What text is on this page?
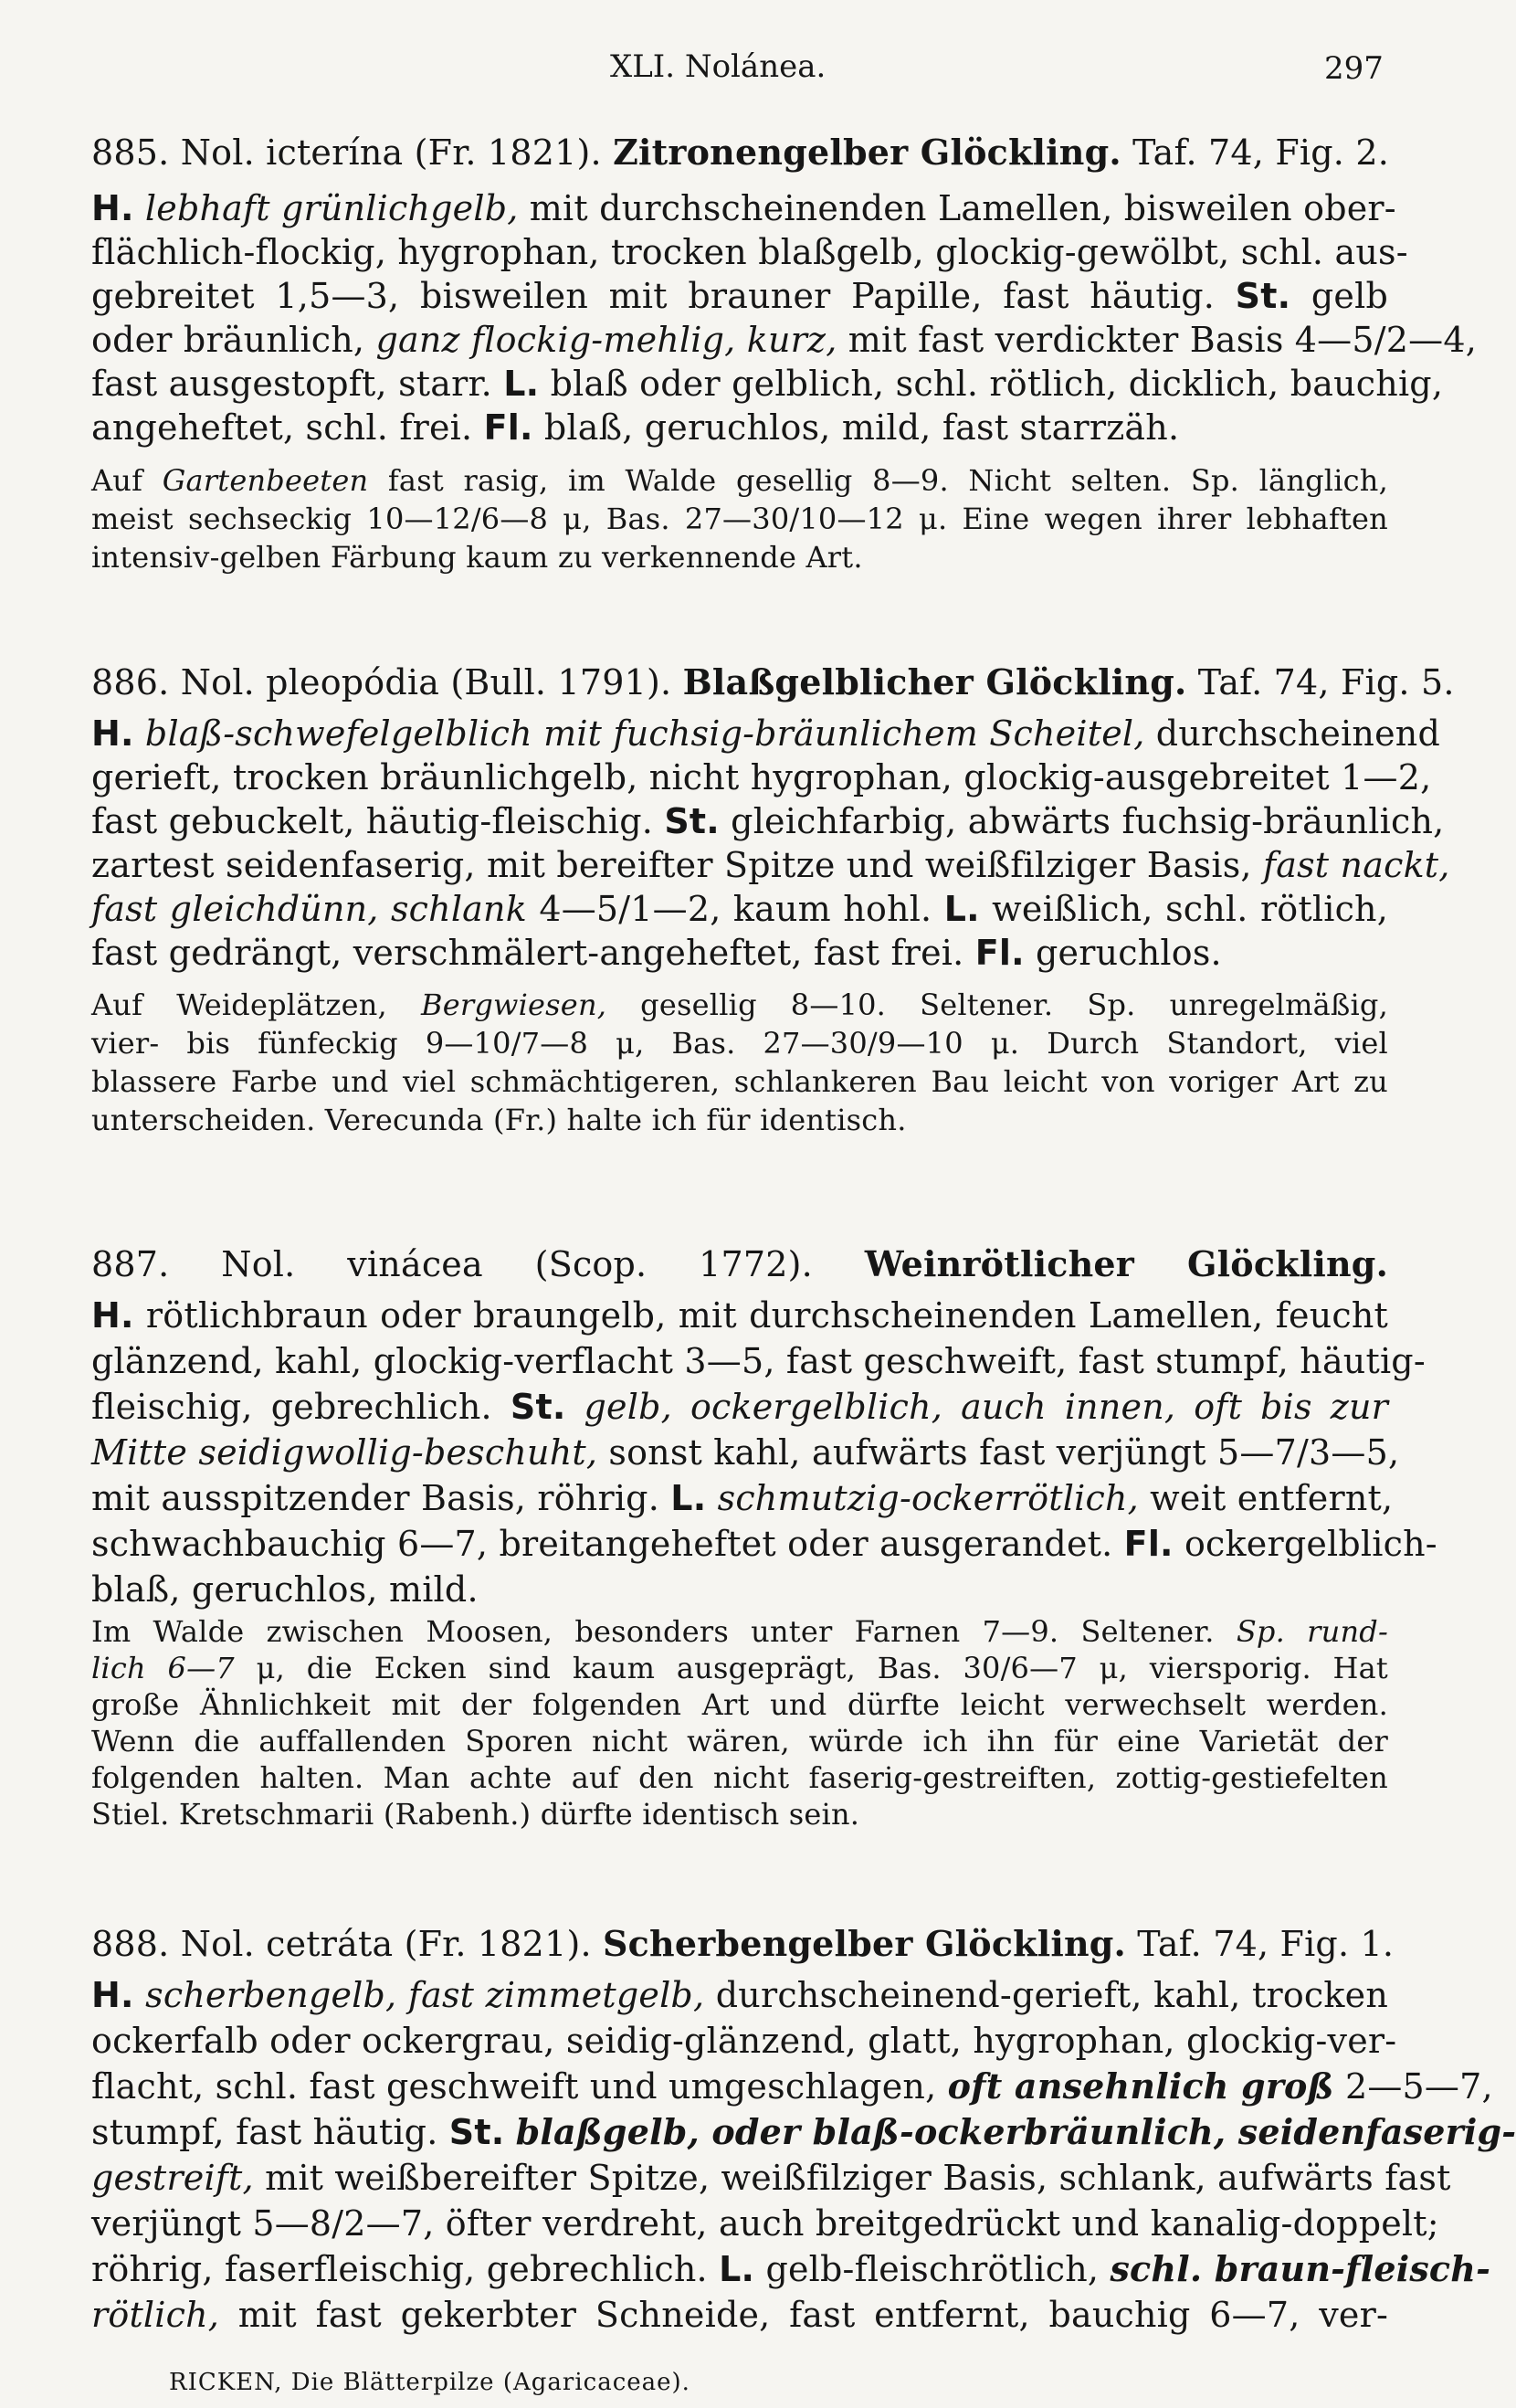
XLI. Nolánea.	297

885. Nol. icterína (Fr. 1821). Zitronengelber Glöckling. Taf. 74, Fig. 2.

H. lebhaft grünlichgelb, mit durchscheinenden Lamellen, bisweilen ober-

flächlich-flockig, hygrophan, trocken blaßgelb, glockig-gewölbt, schl. aus-

gebreitet 1,5—3, bisweilen mit brauner Papille, fast häutig. St. gelb

oder bräunlich, ganz flockig-mehlig, kurz, mit fast verdickter Basis 4—5/2—4,

fast ausgestopft, starr. L. blaß oder gelblich, schl. rötlich, dicklich, bauchig,

angeheftet, schl. frei. Fl. blaß, geruchlos, mild, fast starrzäh.

Auf Gartenbeeten fast rasig, im Walde gesellig 8—9. Nicht selten. Sp. länglich,

meist sechseckig 10—12/6—8 μ, Bas. 27—30/10—12 μ. Eine wegen ihrer lebhaften

intensiv-gelben Färbung kaum zu verkennende Art.

886. Nol. pleopódia (Bull. 1791). Blaßgelblicher Glöckling. Taf. 74, Fig. 5.

H. blaß-schwefelgelblich mit fuchsig-bräunlichem Scheitel, durchscheinend

gerieft, trocken bräunlichgelb, nicht hygrophan, glockig-ausgebreitet 1—2,

fast gebuckelt, häutig-fleischig. St. gleichfarbig, abwärts fuchsig-bräunlich,

zartest seidenfaserig, mit bereifter Spitze und weißfilziger Basis, fast nackt,

fast gleichdünn, schlank 4—5/1—2, kaum hohl. L. weißlich, schl. rötlich,

fast gedrängt, verschmälert-angeheftet, fast frei. Fl. geruchlos.

Auf Weideplätzen, Bergwiesen, gesellig 8—10. Seltener. Sp. unregelmäßig,

vier- bis fünfeckig 9—10/7—8 μ, Bas. 27—30/9—10 μ. Durch Standort, viel

blassere Farbe und viel schmächtigeren, schlankeren Bau leicht von voriger Art zu

unterscheiden. Verecunda (Fr.) halte ich für identisch.

887. Nol. vinácea (Scop. 1772). Weinrötlicher Glöckling.

H. rötlichbraun oder braungelb, mit durchscheinenden Lamellen, feucht

glänzend, kahl, glockig-verflacht 3—5, fast geschweift, fast stumpf, häutig-

fleischig, gebrechlich. St. gelb, ockergelblich, auch innen, oft bis zur

Mitte seidigwollig-beschuht, sonst kahl, aufwärts fast verjüngt 5—7/3—5,

mit ausspitzender Basis, röhrig. L. schmutzig-ockerrötlich, weit entfernt,

schwachbauchig 6—7, breitangeheftet oder ausgerandet. Fl. ockergelblich-

blaß, geruchlos, mild.

Im Walde zwischen Moosen, besonders unter Farnen 7—9. Seltener. Sp. rund-

lich 6—7 μ, die Ecken sind kaum ausgeprägt, Bas. 30/6—7 μ, viersporig. Hat

große Ähnlichkeit mit der folgenden Art und dürfte leicht verwechselt werden.

Wenn die auffallenden Sporen nicht wären, würde ich ihn für eine Varietät der

folgenden halten. Man achte auf den nicht faserig-gestreiften, zottig-gestiefelten

Stiel. Kretschmarii (Rabenh.) dürfte identisch sein.

888. Nol. cetráta (Fr. 1821). Scherbengelber Glöckling. Taf. 74, Fig. 1.

H. scherbengelb, fast zimmetgelb, durchscheinend-gerieft, kahl, trocken

ockerfalb oder ockergrau, seidig-glänzend, glatt, hygrophan, glockig-ver-

flacht, schl. fast geschweift und umgeschlagen, oft ansehnlich groß 2—5—7,

stumpf, fast häutig. St. blaßgelb, oder blaß-ockerbräunlich, seidenfaserig-

gestreift, mit weißbereifter Spitze, weißfilziger Basis, schlank, aufwärts fast

verjüngt 5—8/2—7, öfter verdreht, auch breitgedrückt und kanalig-doppelt;

röhrig, faserfleischig, gebrechlich. L. gelb-fleischrötlich, schl. braun-fleisch-

rötlich, mit fast gekerbter Schneide, fast entfernt, bauchig 6—7, ver-

RICKEN, Die Blätterpilze (Agaricaceae).
